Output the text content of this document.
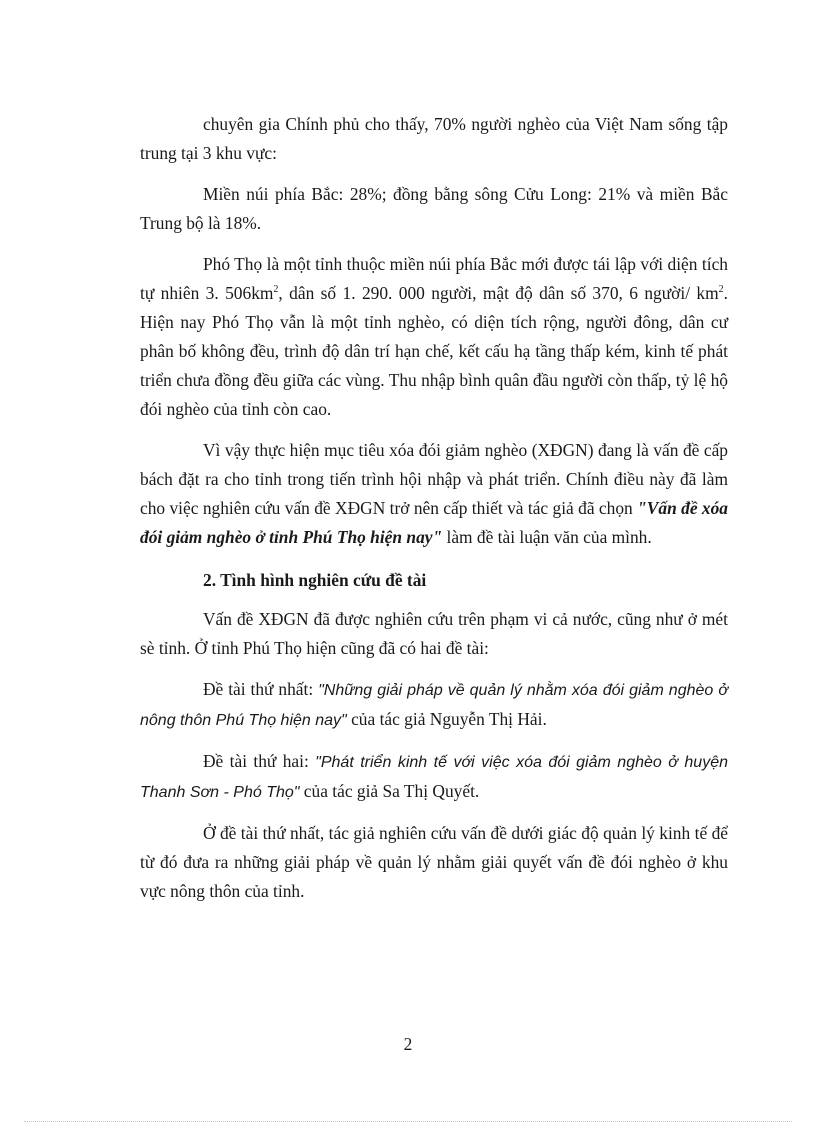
chuyên gia Chính phủ cho thấy, 70% người nghèo của Việt Nam sống tập trung tại 3 khu vực:

Miền núi phía Bắc: 28%; đồng bằng sông Cửu Long: 21% và miền Bắc Trung bộ là 18%.

Phó Thọ là một tỉnh thuộc miền núi phía Bắc mới được tái lập với diện tích tự nhiên 3. $506km^2$, dân số 1. 290. 000 người, mật độ dân số 370, 6 người/ $km^2$. Hiện nay Phó Thọ vẫn là một tỉnh nghèo, có diện tích rộng, người đông, dân cư phân bố không đều, trình độ dân trí hạn chế, kết cấu hạ tầng thấp kém, kinh tế phát triển chưa đồng đều giữa các vùng. Thu nhập bình quân đầu người còn thấp, tỷ lệ hộ đói nghèo của tỉnh còn cao.

Vì vậy thực hiện mục tiêu xóa đói giảm nghèo (XĐGN) đang là vấn đề cấp bách đặt ra cho tỉnh trong tiến trình hội nhập và phát triển. Chính điều này đã làm cho việc nghiên cứu vấn đề XĐGN trở nên cấp thiết và tác giả đã chọn "Vấn đề xóa đói giảm nghèo ở tỉnh Phú Thọ hiện nay" làm đề tài luận văn của mình.

2. Tình hình nghiên cứu đề tài

Vấn đề XĐGN đã được nghiên cứu trên phạm vi cả nước, cũng như ở mét sè tỉnh. Ở tỉnh Phú Thọ hiện cũng đã có hai đề tài:

Đề tài thứ nhất: "Những giải pháp về quản lý nhằm xóa đói giảm nghèo ở nông thôn Phú Thọ hiện nay" của tác giả Nguyễn Thị Hải.

Đề tài thứ hai: "Phát triển kinh tế với việc xóa đói giảm nghèo ở huyện Thanh Sơn - Phó Thọ" của tác giả Sa Thị Quyết.

Ở đề tài thứ nhất, tác giả nghiên cứu vấn đề dưới giác độ quản lý kinh tế để từ đó đưa ra những giải pháp về quản lý nhằm giải quyết vấn đề đói nghèo ở khu vực nông thôn của tỉnh.

2
